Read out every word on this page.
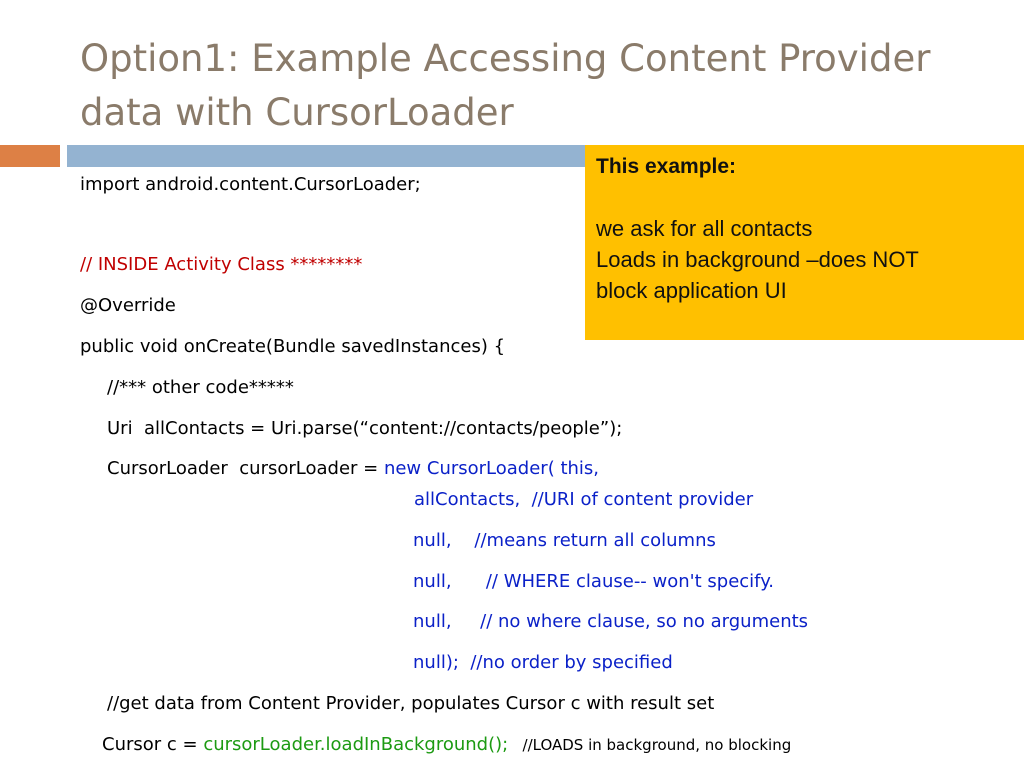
Option1: Example Accessing Content Provider
data with CursorLoader
import android.content.CursorLoader;
// INSIDE Activity Class ********
@Override
public void onCreate(Bundle savedInstances) {
//*** other code*****
Uri  allContacts = Uri.parse(“content://contacts/people”);
CursorLoader  cursorLoader = new CursorLoader( this,
allContacts,  //URI of content provider
null,    //means return all columns
null,      // WHERE clause-- won't specify.
null,     // no where clause, so no arguments
null);  //no order by specified
//get data from Content Provider, populates Cursor c with result set
Cursor c = cursorLoader.loadInBackground();   //LOADS in background, no blocking
This example:
we ask for all contacts
Loads in background –does NOT
block application UI
